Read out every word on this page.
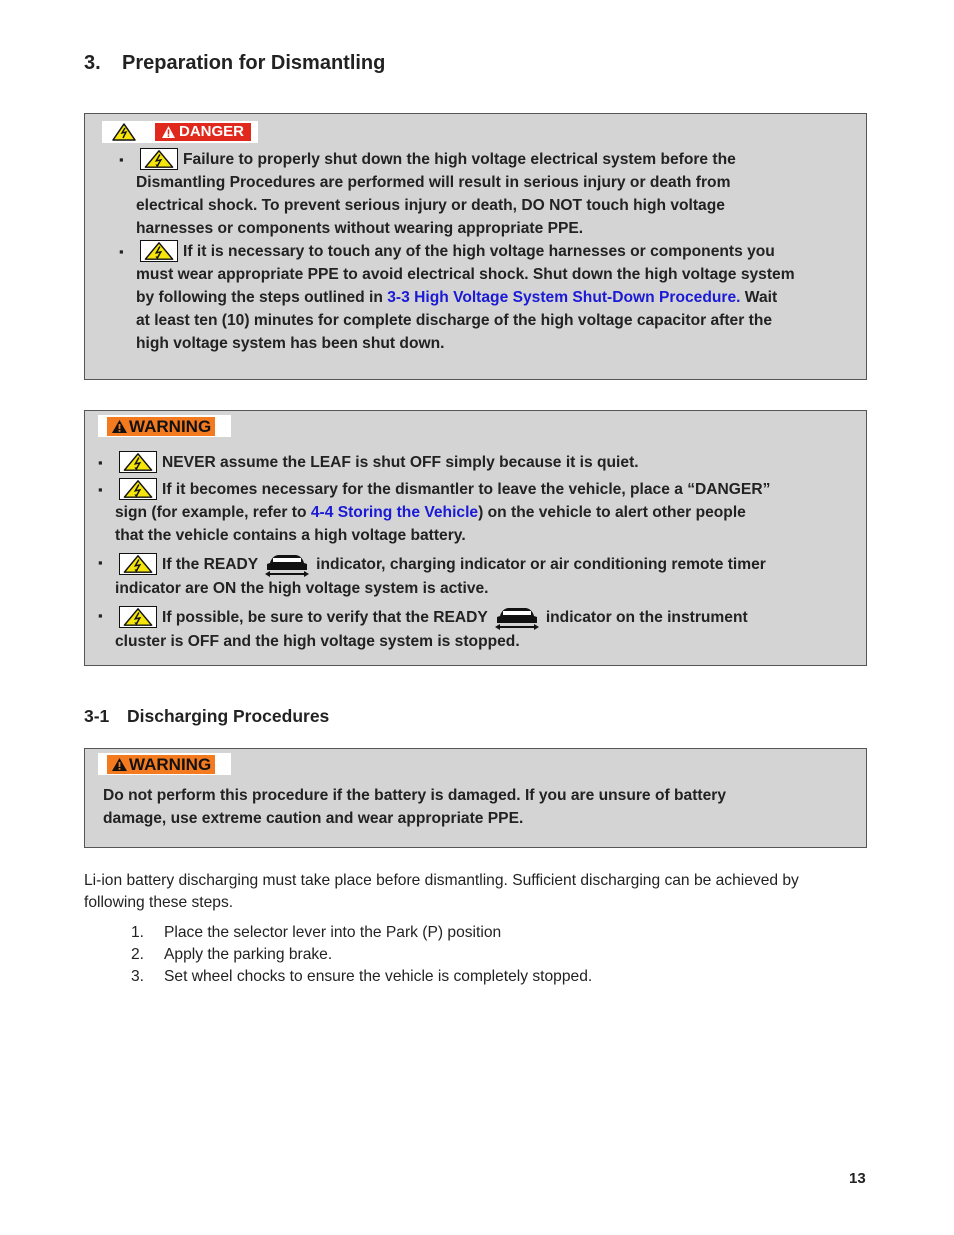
3. Preparation for Dismantling
DANGER
▪	Failure to properly shut down the high voltage electrical system before the
Dismantling Procedures are performed will result in serious injury or death from
electrical shock. To prevent serious injury or death, DO NOT touch high voltage
harnesses or components without wearing appropriate PPE.
▪	If it is necessary to touch any of the high voltage harnesses or components you
must wear appropriate PPE to avoid electrical shock. Shut down the high voltage system
by following the steps outlined in 3-3 High Voltage System Shut-Down Procedure. Wait
at least ten (10) minutes for complete discharge of the high voltage capacitor after the
high voltage system has been shut down.
WARNING
▪	NEVER assume the LEAF is shut OFF simply because it is quiet.
▪	If it becomes necessary for the dismantler to leave the vehicle, place a “DANGER”
sign (for example, refer to 4-4 Storing the Vehicle) on the vehicle to alert other people
that the vehicle contains a high voltage battery.
▪	If the READY	indicator, charging indicator or air conditioning remote timer
indicator are ON the high voltage system is active.
▪	If possible, be sure to verify that the READY	indicator on the instrument
cluster is OFF and the high voltage system is stopped.
3-1 Discharging Procedures
WARNING

Do not perform this procedure if the battery is damaged. If you are unsure of battery
damage, use extreme caution and wear appropriate PPE.

Li-ion battery discharging must take place before dismantling. Sufficient discharging can be achieved by
following these steps.

1. Place the selector lever into the Park (P) position
2. Apply the parking brake.
3. Set wheel chocks to ensure the vehicle is completely stopped.
13
